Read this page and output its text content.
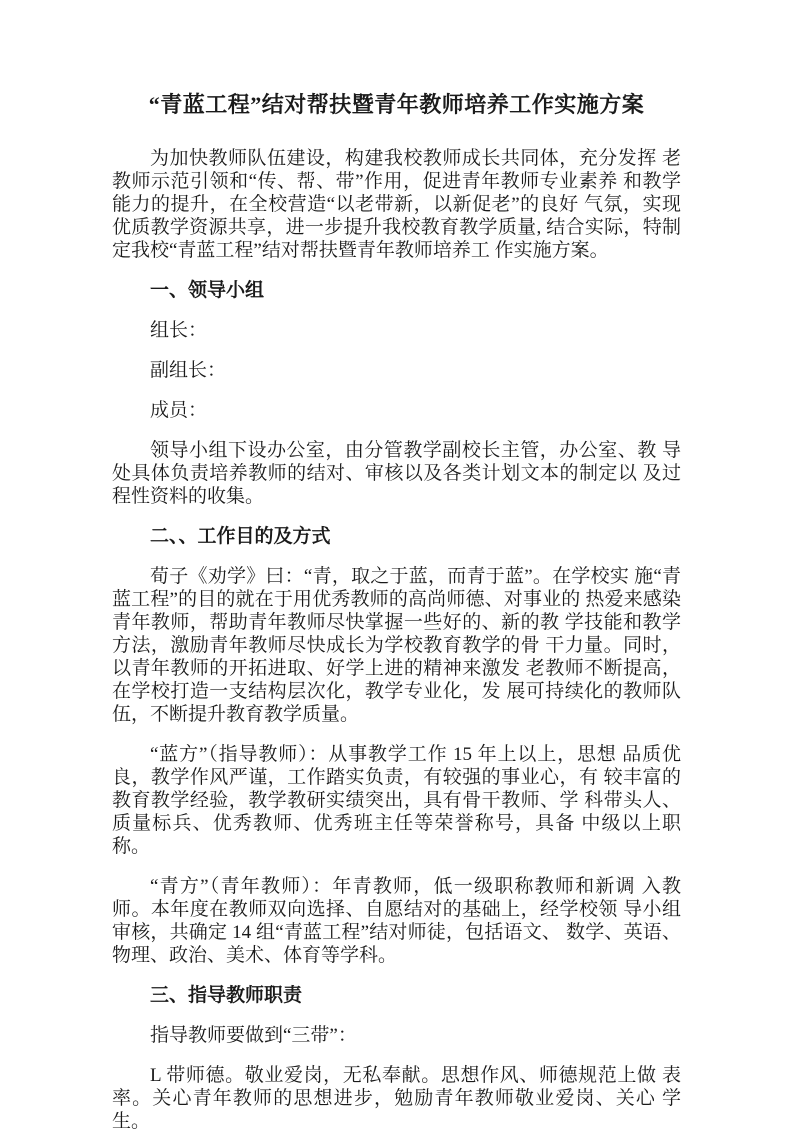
“青蓝工程”结对帮扶暨青年教师培养工作实施方案

为加快教师队伍建设，构建我校教师成长共同体，充分发挥 老教师示范引领和“传、帮、带”作用，促进青年教师专业素养 和教学能力的提升，在全校营造“以老带新，以新促老”的良好 气氛，实现优质教学资源共享，进一步提升我校教育教学质量, 结合实际，特制定我校“青蓝工程”结对帮扶暨青年教师培养工 作实施方案。

一、领导小组

组长：

副组长：

成员：

领导小组下设办公室，由分管教学副校长主管，办公室、教 导处具体负责培养教师的结对、审核以及各类计划文本的制定以 及过程性资料的收集。

二、、工作目的及方式

荀子《劝学》曰：“青，取之于蓝，而青于蓝”。在学校实 施“青蓝工程”的目的就在于用优秀教师的高尚师德、对事业的 热爱来感染青年教师，帮助青年教师尽快掌握一些好的、新的教 学技能和教学方法，激励青年教师尽快成长为学校教育教学的骨 干力量。同时，以青年教师的开拓进取、好学上进的精神来激发 老教师不断提高，在学校打造一支结构层次化，教学专业化，发 展可持续化的教师队伍，不断提升教育教学质量。

“蓝方”（指导教师）：从事教学工作 15 年上以上，思想 品质优良，教学作风严谨，工作踏实负责，有较强的事业心，有 较丰富的教育教学经验，教学教研实绩突出，具有骨干教师、学 科带头人、质量标兵、优秀教师、优秀班主任等荣誉称号，具备 中级以上职称。

“青方”（青年教师）：年青教师，低一级职称教师和新调 入教师。本年度在教师双向选择、自愿结对的基础上，经学校领 导小组审核，共确定 14 组“青蓝工程”结对师徒，包括语文、 数学、英语、物理、政治、美术、体育等学科。

三、指导教师职责

指导教师要做到“三带”：

L 带师德。敬业爱岗，无私奉献。思想作风、师德规范上做 表率。关心青年教师的思想进步，勉励青年教师敬业爱岗、关心 学生。
